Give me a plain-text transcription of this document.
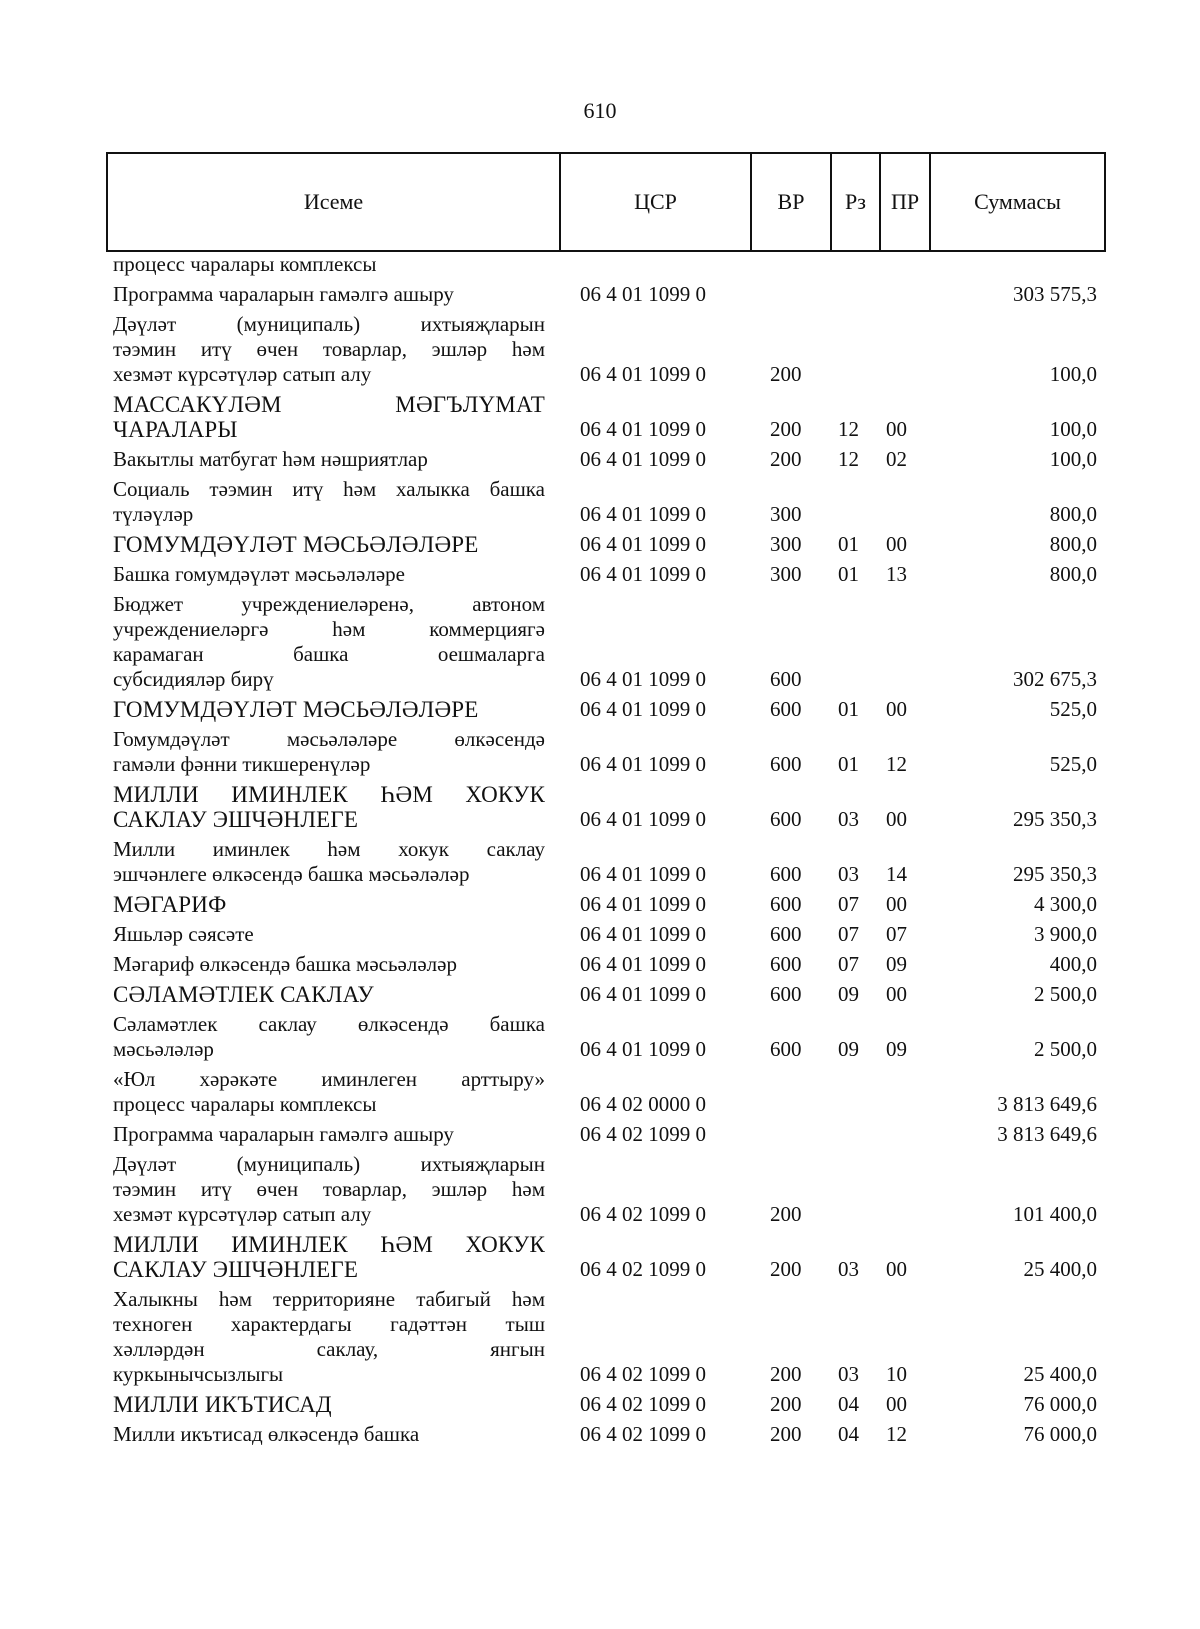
610
Исеме	ЦСР	ВР	Рз	ПР	Суммасы
процесс чаралары комплексы
Программа чараларын гамәлгә ашыру	06 4 01 1099 0	303 575,3
Дәүләт (муниципаль) ихтыяҗларын
тәэмин итү өчен товарлар, эшләр һәм
хезмәт күрсәтүләр сатып алу	06 4 01 1099 0	200	100,0
МАССАКҮЛӘМ МӘГЪЛҮМАТ
ЧАРАЛАРЫ	06 4 01 1099 0	200 12 00	100,0
Вакытлы матбугат һәм нәшриятлар	06 4 01 1099 0	200 12 02	100,0
Социаль тәэмин итү һәм халыкка башка
түләүләр	06 4 01 1099 0	300	800,0
ГОМУМДӘҮЛӘТ МӘСЬӘЛӘЛӘРЕ	06 4 01 1099 0	300 01 00	800,0
Башка гомумдәүләт мәсьәләләре	06 4 01 1099 0	300 01 13	800,0
Бюджет учреждениеләренә, автоном
учреждениеләргә һәм коммерциягә
карамаган башка оешмаларга
субсидияләр бирү	06 4 01 1099 0	600	302 675,3
ГОМУМДӘҮЛӘТ МӘСЬӘЛӘЛӘРЕ	06 4 01 1099 0	600 01 00	525,0
Гомумдәүләт мәсьәләләре өлкәсендә
гамәли фәнни тикшеренүләр	06 4 01 1099 0	600 01 12	525,0
МИЛЛИ ИМИНЛЕК ҺӘМ ХОКУК
САКЛАУ ЭШЧӘНЛЕГЕ	06 4 01 1099 0	600 03 00	295 350,3
Милли иминлек һәм хокук саклау
эшчәнлеге өлкәсендә башка мәсьәләләр	06 4 01 1099 0	600 03 14	295 350,3
МӘГАРИФ	06 4 01 1099 0	600 07 00	4 300,0
Яшьләр сәясәте	06 4 01 1099 0	600 07 07	3 900,0
Мәгариф өлкәсендә башка мәсьәләләр	06 4 01 1099 0	600 07 09	400,0
СӘЛАМӘТЛЕК САКЛАУ	06 4 01 1099 0	600 09 00	2 500,0
Сәламәтлек саклау өлкәсендә башка
мәсьәләләр	06 4 01 1099 0	600 09 09	2 500,0
«Юл хәрәкәте иминлеген арттыру»
процесс чаралары комплексы	06 4 02 0000 0	3 813 649,6
Программа чараларын гамәлгә ашыру	06 4 02 1099 0	3 813 649,6
Дәүләт (муниципаль) ихтыяҗларын
тәэмин итү өчен товарлар, эшләр һәм
хезмәт күрсәтүләр сатып алу	06 4 02 1099 0	200	101 400,0
МИЛЛИ ИМИНЛЕК ҺӘМ ХОКУК
САКЛАУ ЭШЧӘНЛЕГЕ	06 4 02 1099 0	200 03 00	25 400,0
Халыкны һәм территорияне табигый һәм
техноген характердагы гадәттән тыш
хәлләрдән саклау, янгын
куркынычсызлыгы	06 4 02 1099 0	200 03 10	25 400,0
МИЛЛИ ИКЪТИСАД	06 4 02 1099 0	200 04 00	76 000,0
Милли икътисад өлкәсендә башка	06 4 02 1099 0	200 04 12	76 000,0
